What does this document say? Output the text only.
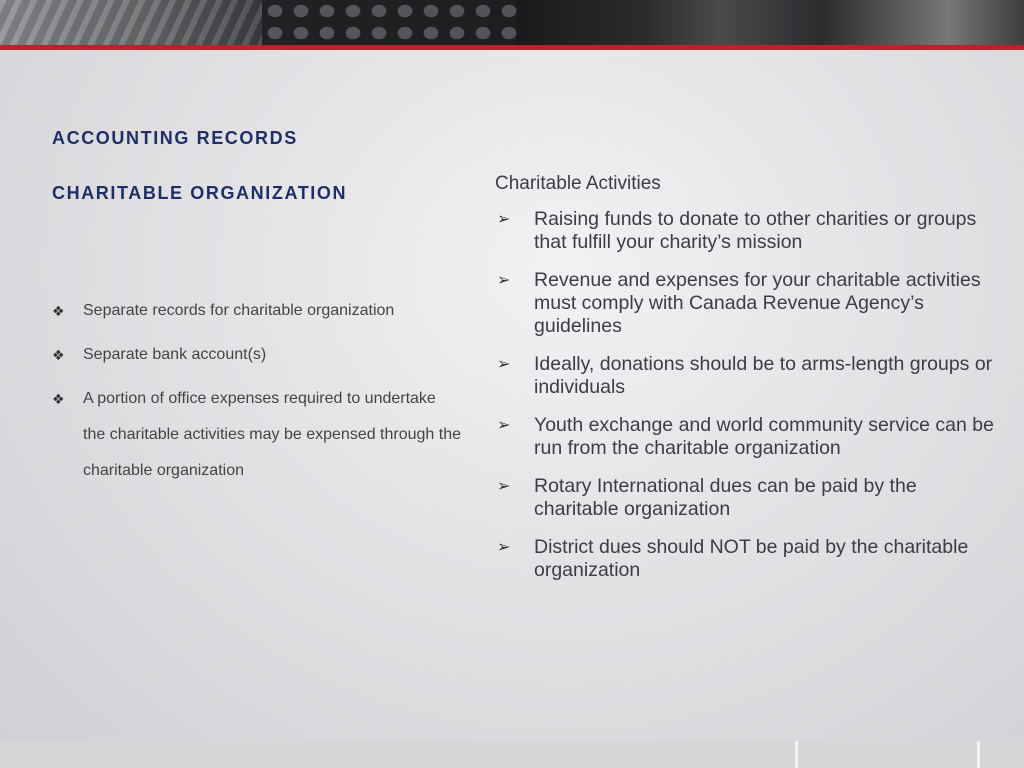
ACCOUNTING RECORDS
CHARITABLE ORGANIZATION
❖ Separate records for charitable organization
❖ Separate bank account(s)
❖ A portion of office expenses required to undertake the charitable activities may be expensed through the charitable organization

Charitable Activities

➢ Raising funds to donate to other charities or groups that fulfill your charity’s mission
➢ Revenue and expenses for your charitable activities must comply with Canada Revenue Agency’s guidelines
➢ Ideally, donations should be to arms-length groups or individuals
➢ Youth exchange and world community service can be run from the charitable organization
➢ Rotary International dues can be paid by the charitable organization
➢ District dues should NOT be paid by the charitable organization
